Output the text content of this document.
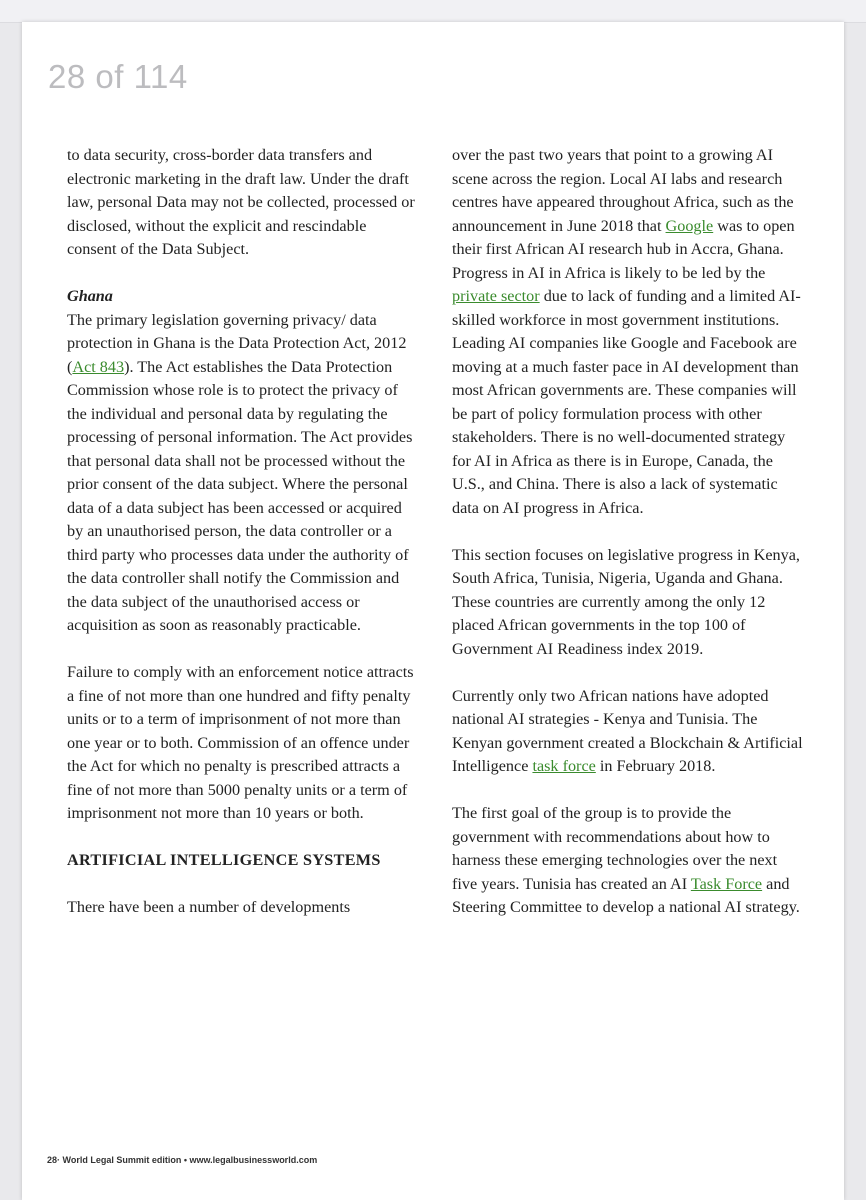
28 of 114

to data security, cross-border data transfers and electronic marketing in the draft law. Under the draft law, personal Data may not be collected, processed or disclosed, without the explicit and rescindable consent of the Data Subject.

Ghana

The primary legislation governing privacy/ data protection in Ghana is the Data Protection Act, 2012 (Act 843). The Act establishes the Data Protection Commission whose role is to protect the privacy of the individual and personal data by regulating the processing of personal information. The Act provides that personal data shall not be processed without the prior consent of the data subject. Where the personal data of a data subject has been accessed or acquired by an unauthorised person, the data controller or a third party who processes data under the authority of the data controller shall notify the Commission and the data subject of the unauthorised access or acquisition as soon as reasonably practicable.

Failure to comply with an enforcement notice attracts a fine of not more than one hundred and fifty penalty units or to a term of imprisonment of not more than one year or to both. Commission of an offence under the Act for which no penalty is prescribed attracts a fine of not more than 5000 penalty units or a term of imprisonment not more than 10 years or both.

ARTIFICIAL INTELLIGENCE SYSTEMS

There have been a number of developments

over the past two years that point to a growing AI scene across the region. Local AI labs and research centres have appeared throughout Africa, such as the announcement in June 2018 that Google was to open their first African AI research hub in Accra, Ghana. Progress in AI in Africa is likely to be led by the private sector due to lack of funding and a limited AI-skilled workforce in most government institutions. Leading AI companies like Google and Facebook are moving at a much faster pace in AI development than most African governments are. These companies will be part of policy formulation process with other stakeholders. There is no well-documented strategy for AI in Africa as there is in Europe, Canada, the U.S., and China. There is also a lack of systematic data on AI progress in Africa.

This section focuses on legislative progress in Kenya, South Africa, Tunisia, Nigeria, Uganda and Ghana. These countries are currently among the only 12 placed African governments in the top 100 of Government AI Readiness index 2019.

Currently only two African nations have adopted national AI strategies - Kenya and Tunisia. The Kenyan government created a Blockchain & Artificial Intelligence task force in February 2018.

The first goal of the group is to provide the government with recommendations about how to harness these emerging technologies over the next five years. Tunisia has created an AI Task Force and Steering Committee to develop a national AI strategy.

28· World Legal Summit edition • www.legalbusinessworld.com
